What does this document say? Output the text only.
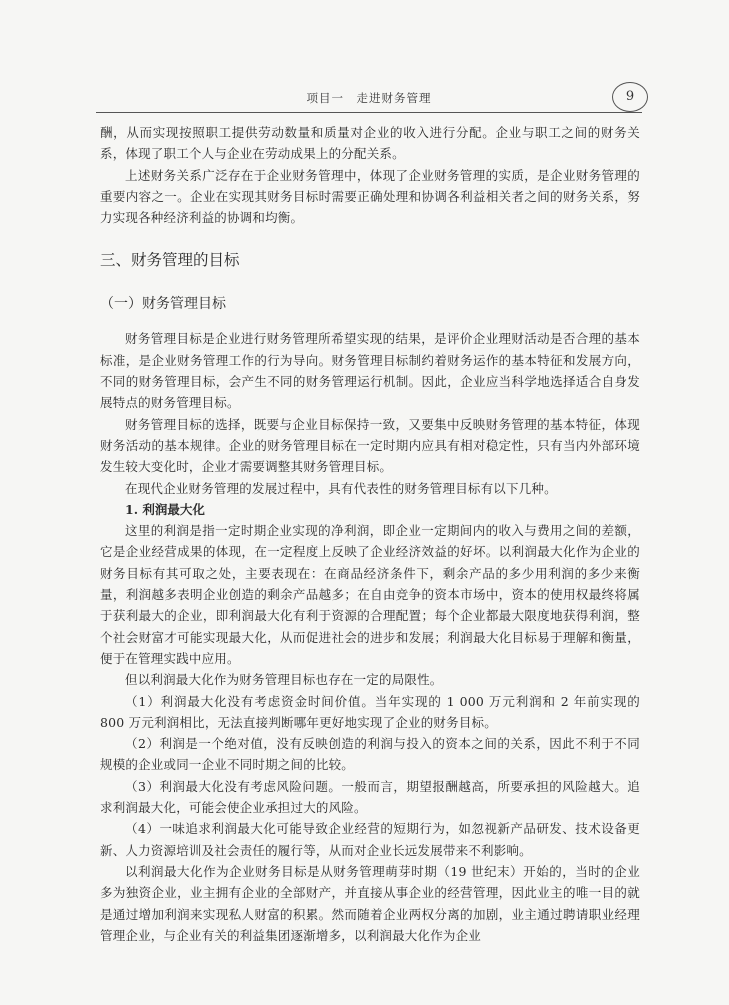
项目一　走进财务管理	9

酬，从而实现按照职工提供劳动数量和质量对企业的收入进行分配。企业与职工之间的财务关系，体现了职工个人与企业在劳动成果上的分配关系。

上述财务关系广泛存在于企业财务管理中，体现了企业财务管理的实质，是企业财务管理的重要内容之一。企业在实现其财务目标时需要正确处理和协调各利益相关者之间的财务关系，努力实现各种经济利益的协调和均衡。

三、财务管理的目标
（一）财务管理目标

财务管理目标是企业进行财务管理所希望实现的结果，是评价企业理财活动是否合理的基本标准，是企业财务管理工作的行为导向。财务管理目标制约着财务运作的基本特征和发展方向，不同的财务管理目标，会产生不同的财务管理运行机制。因此，企业应当科学地选择适合自身发展特点的财务管理目标。

财务管理目标的选择，既要与企业目标保持一致，又要集中反映财务管理的基本特征，体现财务活动的基本规律。企业的财务管理目标在一定时期内应具有相对稳定性，只有当内外部环境发生较大变化时，企业才需要调整其财务管理目标。

在现代企业财务管理的发展过程中，具有代表性的财务管理目标有以下几种。

1. 利润最大化

这里的利润是指一定时期企业实现的净利润，即企业一定期间内的收入与费用之间的差额，它是企业经营成果的体现，在一定程度上反映了企业经济效益的好坏。以利润最大化作为企业的财务目标有其可取之处，主要表现在：在商品经济条件下，剩余产品的多少用利润的多少来衡量，利润越多表明企业创造的剩余产品越多；在自由竞争的资本市场中，资本的使用权最终将属于获利最大的企业，即利润最大化有利于资源的合理配置；每个企业都最大限度地获得利润，整个社会财富才可能实现最大化，从而促进社会的进步和发展；利润最大化目标易于理解和衡量，便于在管理实践中应用。

但以利润最大化作为财务管理目标也存在一定的局限性。

（1）利润最大化没有考虑资金时间价值。当年实现的 1 000 万元利润和 2 年前实现的 800 万元利润相比，无法直接判断哪年更好地实现了企业的财务目标。

（2）利润是一个绝对值，没有反映创造的利润与投入的资本之间的关系，因此不利于不同规模的企业或同一企业不同时期之间的比较。

（3）利润最大化没有考虑风险问题。一般而言，期望报酬越高，所要承担的风险越大。追求利润最大化，可能会使企业承担过大的风险。

（4）一味追求利润最大化可能导致企业经营的短期行为，如忽视新产品研发、技术设备更新、人力资源培训及社会责任的履行等，从而对企业长远发展带来不利影响。

以利润最大化作为企业财务目标是从财务管理萌芽时期（19 世纪末）开始的，当时的企业多为独资企业，业主拥有企业的全部财产，并直接从事企业的经营管理，因此业主的唯一目的就是通过增加利润来实现私人财富的积累。然而随着企业两权分离的加剧，业主通过聘请职业经理管理企业，与企业有关的利益集团逐渐增多，以利润最大化作为企业
